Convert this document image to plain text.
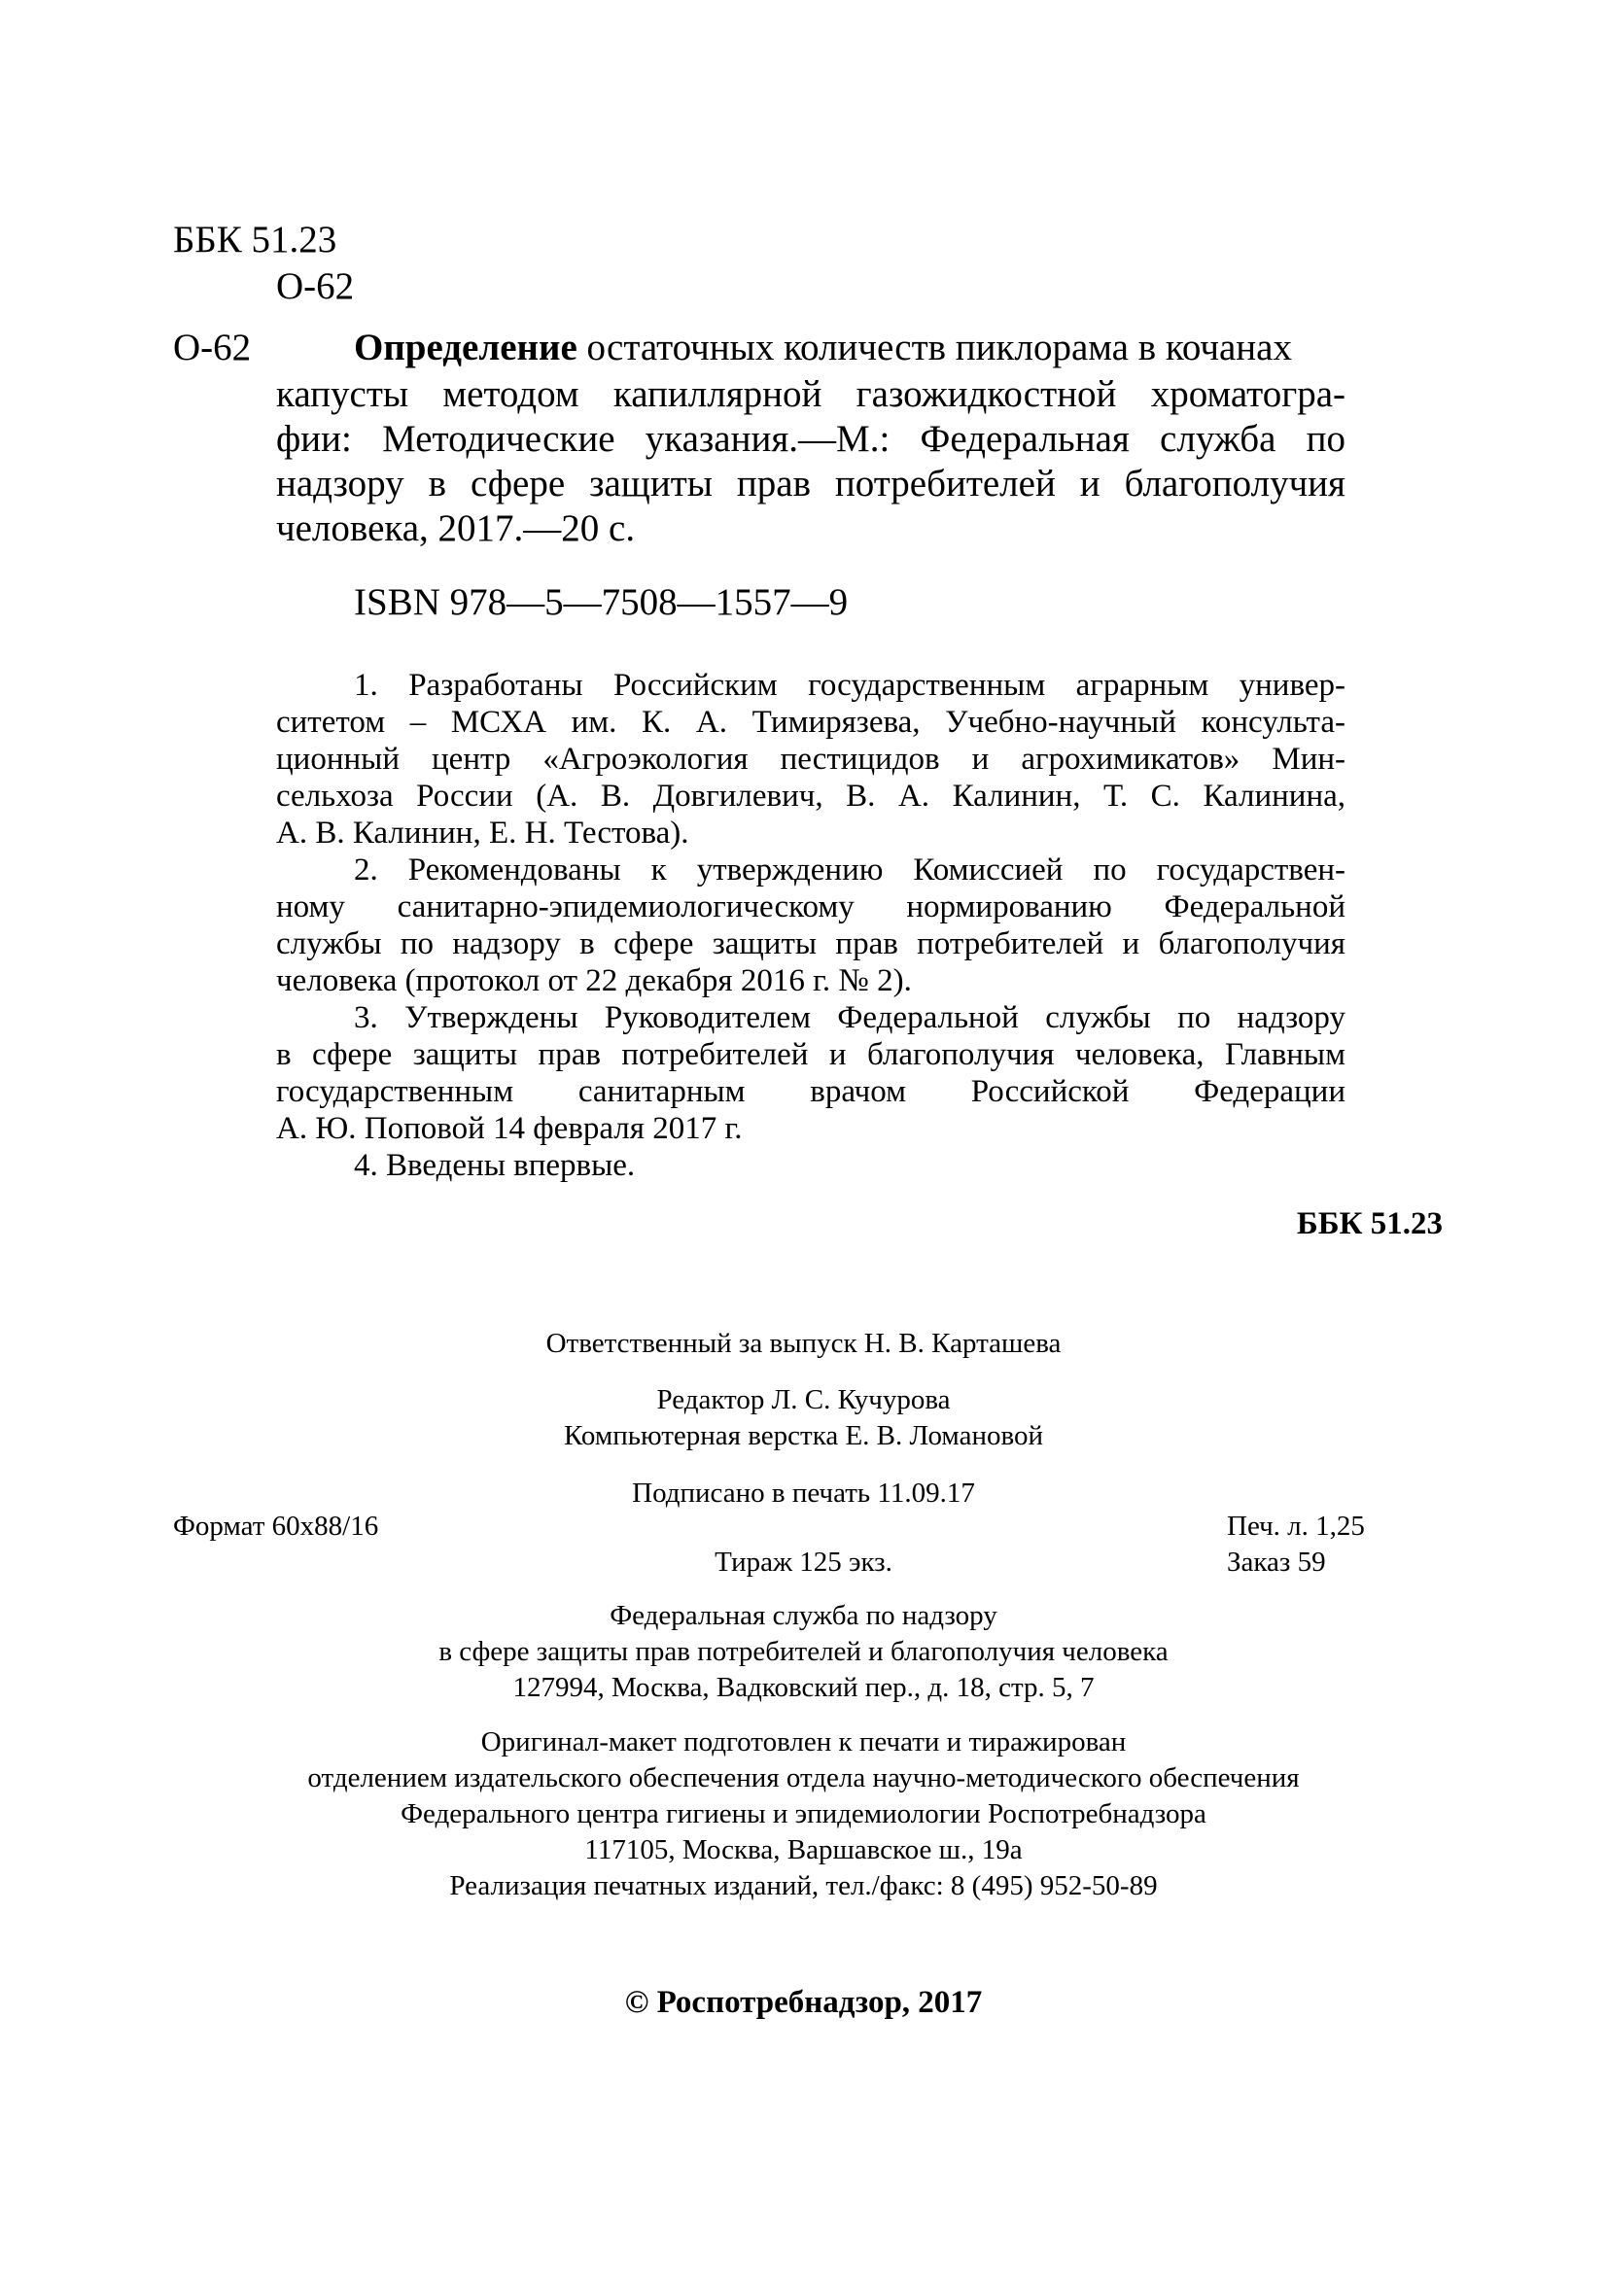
ББК 51.23
О-62
О-62	Определение остаточных количеств пиклорама в кочанах
капусты методом капиллярной газожидкостной хроматогра-
фии: Методические указания.—М.: Федеральная служба по
надзору в сфере защиты прав потребителей и благополучия
человека, 2017.—20 с.
ISBN 978—5—7508—1557—9
1. Разработаны Российским государственным аграрным универ-
ситетом – МСХА им. К. А. Тимирязева, Учебно-научный консульта-
ционный центр «Агроэкология пестицидов и агрохимикатов» Мин-
сельхоза России (А. В. Довгилевич, В. А. Калинин, Т. С. Калинина,
А. В. Калинин, Е. Н. Тестова).
2. Рекомендованы к утверждению Комиссией по государствен-
ному санитарно-эпидемиологическому нормированию Федеральной
службы по надзору в сфере защиты прав потребителей и благополучия
человека (протокол от 22 декабря 2016 г. № 2).
3. Утверждены Руководителем Федеральной службы по надзору
в сфере защиты прав потребителей и благополучия человека, Главным
государственным санитарным врачом Российской Федерации
А. Ю. Поповой 14 февраля 2017 г.
4. Введены впервые.
ББК 51.23
Ответственный за выпуск Н. В. Карташева
Редактор Л. С. Кучурова
Компьютерная верстка Е. В. Ломановой
Подписано в печать 11.09.17
Формат 60x88/16	Печ. л. 1,25
Тираж 125 экз.	Заказ 59
Федеральная служба по надзору
в сфере защиты прав потребителей и благополучия человека
127994, Москва, Вадковский пер., д. 18, стр. 5, 7
Оригинал-макет подготовлен к печати и тиражирован
отделением издательского обеспечения отдела научно-методического обеспечения
Федерального центра гигиены и эпидемиологии Роспотребнадзора
117105, Москва, Варшавское ш., 19а
Реализация печатных изданий, тел./факс: 8 (495) 952-50-89
© Роспотребнадзор, 2017
